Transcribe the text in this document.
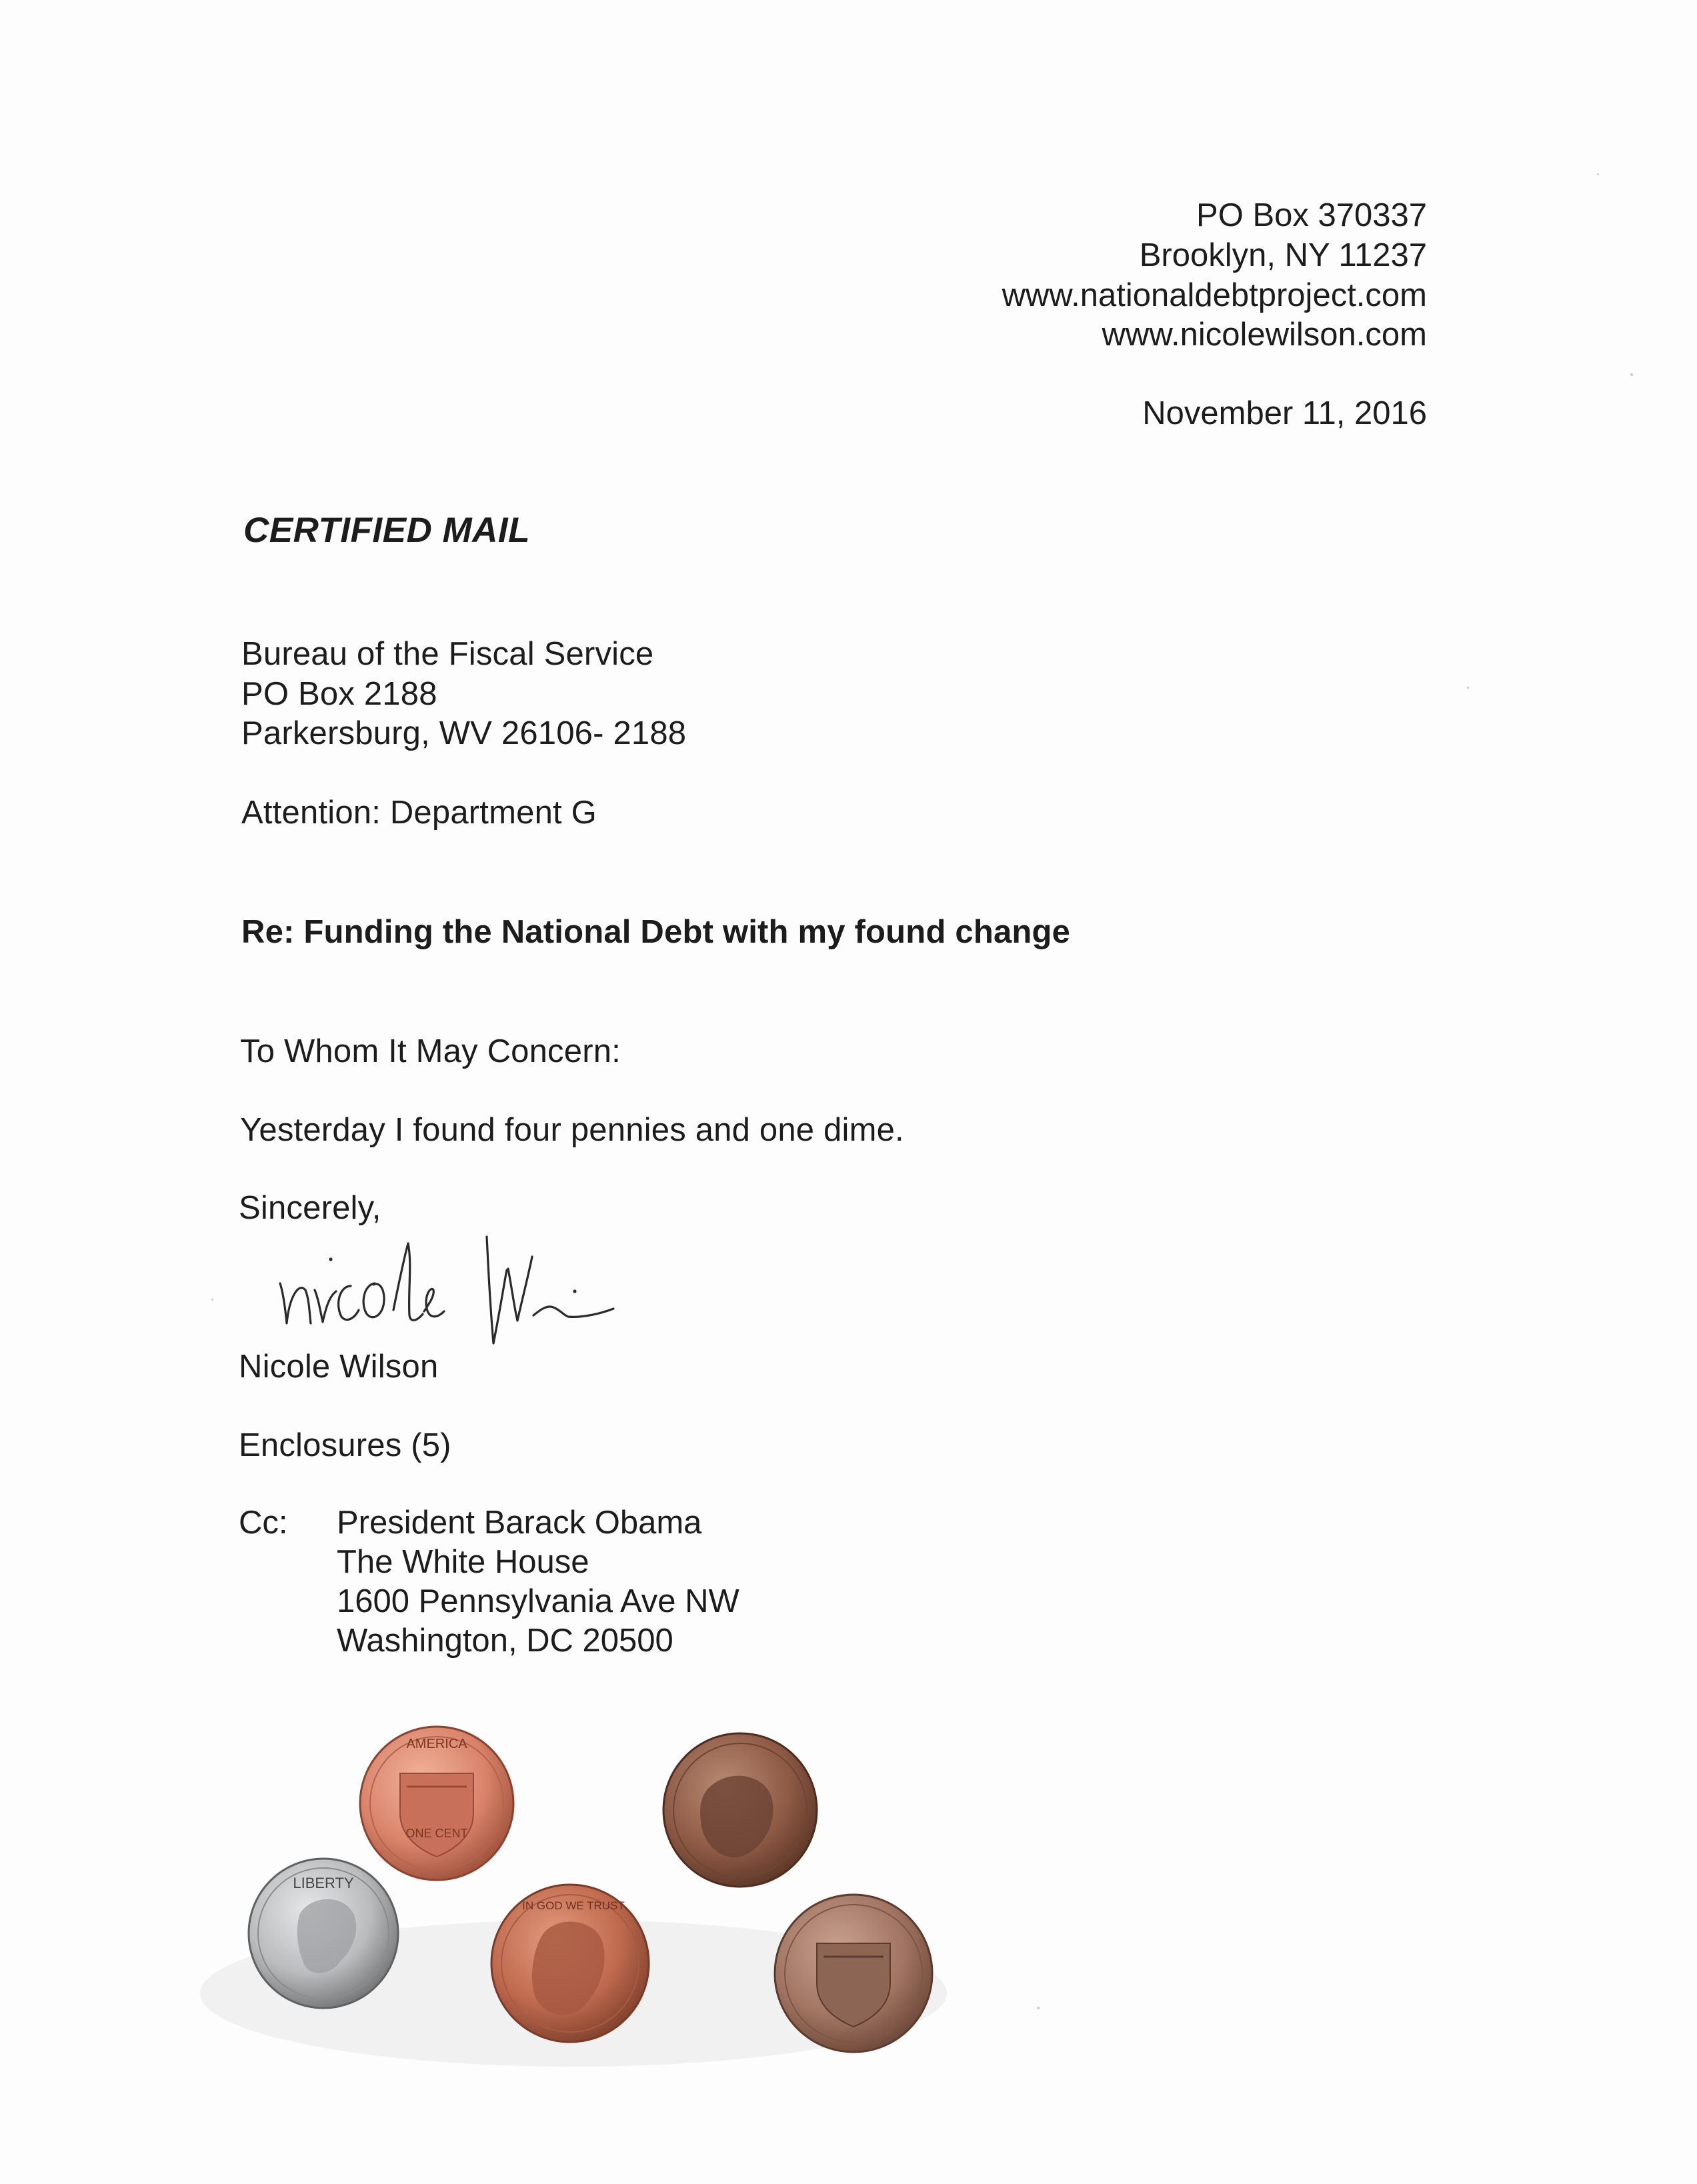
PO Box 370337
Brooklyn, NY 11237
www.nationaldebtproject.com
www.nicolewilson.com
November 11, 2016
CERTIFIED MAIL
Bureau of the Fiscal Service
PO Box 2188
Parkersburg, WV 26106- 2188
Attention: Department G
Re: Funding the National Debt with my found change
To Whom It May Concern:
Yesterday I found four pennies and one dime.
Sincerely,
Nicole Wilson
Enclosures (5)
Cc: President Barack Obama
The White House
1600 Pennsylvania Ave NW
Washington, DC 20500
LIBERTY
AMERICA
ONE CENT
IN GOD WE TRUST
